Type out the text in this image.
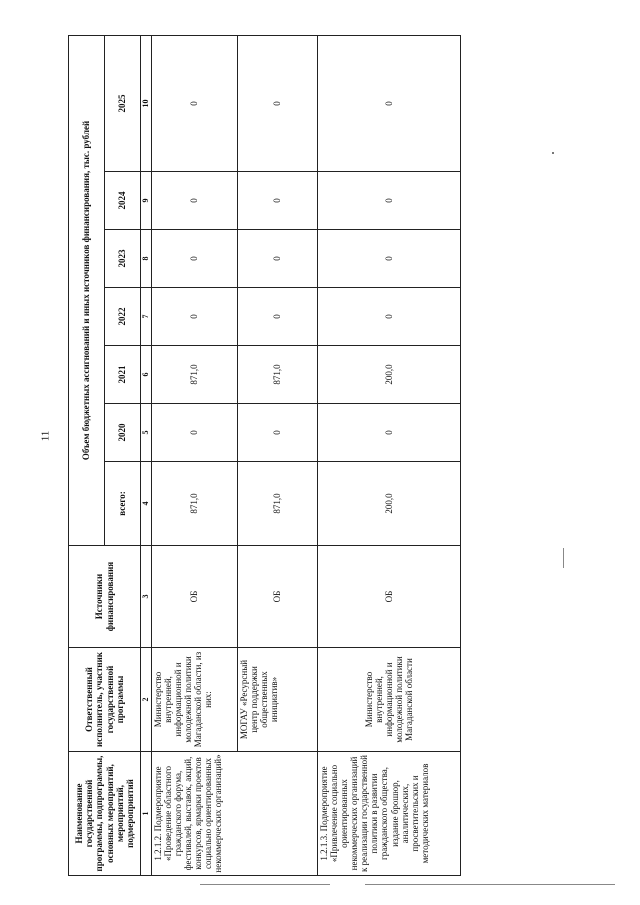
11
Наименование государственной программы, подпрограммы, основных мероприятий, мероприятий, подмероприятий	Ответственный исполнитель, участник государственной программы	Источники финансирования	Объем бюджетных ассигнований и иных источников финансирования, тыс. рублей						
			всего:	2020	2021	2022	2023	2024	2025
1	2	3	4	5	6	7	8	9	10
1.2.1.2. Подмероприятие «Проведение областного гражданского форума, фестивалей, выставок, акций, конкурсов, ярмарки проектов социально ориентированных некоммерческих организаций»	Министерство внутренней, информационной и молодежной политики Магаданской области, из них:	ОБ	871,0	0	871,0	0	0	0	0
	МОГАУ «Ресурсный центр поддержки общественных инициатив»	ОБ	871,0	0	871,0	0	0	0	0
1.2.1.3. Подмероприятие «Привлечение социально ориентированных некоммерческих организаций к реализации государственной политики в развитии гражданского общества, издание брошюр, аналитических, просветительских и методических материалов	Министерство внутренней, информационной и молодежной политики Магаданской области	ОБ	200,0	0	200,0	0	0	0	0
